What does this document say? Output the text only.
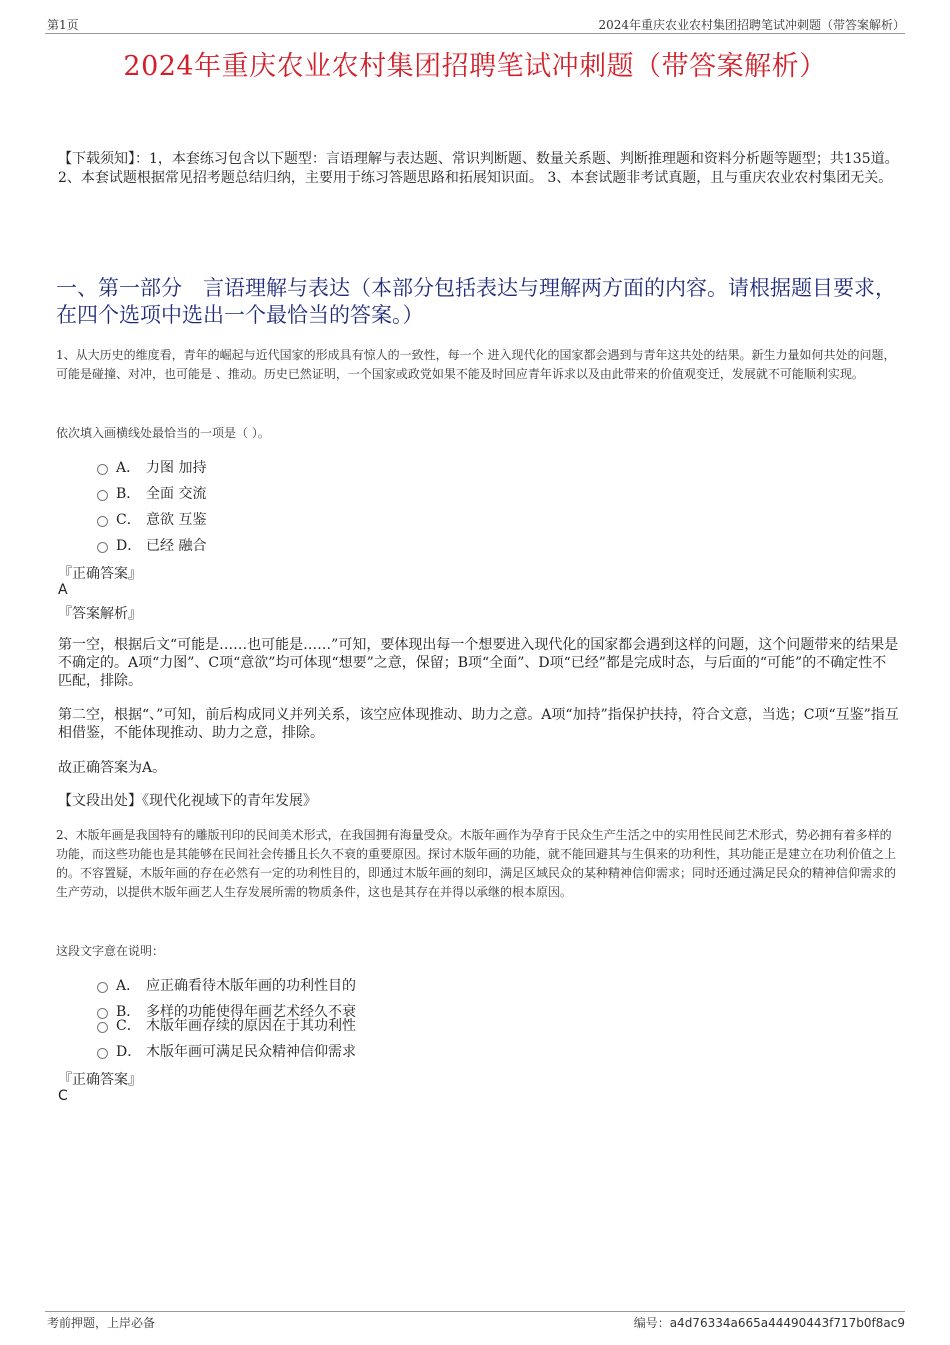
第1页	2024年重庆农业农村集团招聘笔试冲刺题（带答案解析）
2024年重庆农业农村集团招聘笔试冲刺题（带答案解析）
【下载须知】：1，本套练习包含以下题型：言语理解与表达题、常识判断题、数量关系题、判断推理题和资料分析题等题型；共135道。 2、本套试题根据常见招考题总结归纳，主要用于练习答题思路和拓展知识面。 3、本套试题非考试真题，且与重庆农业农村集团无关。
一、第一部分　言语理解与表达（本部分包括表达与理解两方面的内容。请根据题目要求，在四个选项中选出一个最恰当的答案。）
1、从大历史的维度看，青年的崛起与近代国家的形成具有惊人的一致性，每一个 进入现代化的国家都会遇到与青年这共处的结果。新生力量如何共处的问题，可能是碰撞、对冲，也可能是 、推动。历史已然证明，一个国家或政党如果不能及时回应青年诉求以及由此带来的价值观变迁，发展就不可能顺利实现。
依次填入画横线处最恰当的一项是（ ）。
A． 力图 加持
B． 全面 交流
C． 意欲 互鉴
D． 已经 融合
『正确答案』
A
『答案解析』
第一空，根据后文“可能是……也可能是……”可知，要体现出每一个想要进入现代化的国家都会遇到这样的问题，这个问题带来的结果是不确定的。A项“力图”、C项“意欲”均可体现“想要”之意，保留；B项“全面”、D项“已经”都是完成时态，与后面的“可能”的不确定性不匹配，排除。
第二空，根据“、”可知，前后构成同义并列关系，该空应体现推动、助力之意。A项“加持”指保护扶持，符合文意，当选；C项“互鉴”指互相借鉴，不能体现推动、助力之意，排除。
故正确答案为A。
【文段出处】《现代化视域下的青年发展》
2、木版年画是我国特有的雕版刊印的民间美术形式，在我国拥有海量受众。木版年画作为孕育于民众生产生活之中的实用性民间艺术形式，势必拥有着多样的功能，而这些功能也是其能够在民间社会传播且长久不衰的重要原因。探讨木版年画的功能，就不能回避其与生俱来的功利性，其功能正是建立在功利价值之上的。不容置疑，木版年画的存在必然有一定的功利性目的，即通过木版年画的刻印，满足区域民众的某种精神信仰需求；同时还通过满足民众的精神信仰需求的生产劳动，以提供木版年画艺人生存发展所需的物质条件，这也是其存在并得以承继的根本原因。
这段文字意在说明：
A． 应正确看待木版年画的功利性目的
B． 多样的功能使得年画艺术经久不衰
C． 木版年画存续的原因在于其功利性
D． 木版年画可满足民众精神信仰需求
『正确答案』
C
考前押题，上岸必备	编号：a4d76334a665a44490443f717b0f8ac9
